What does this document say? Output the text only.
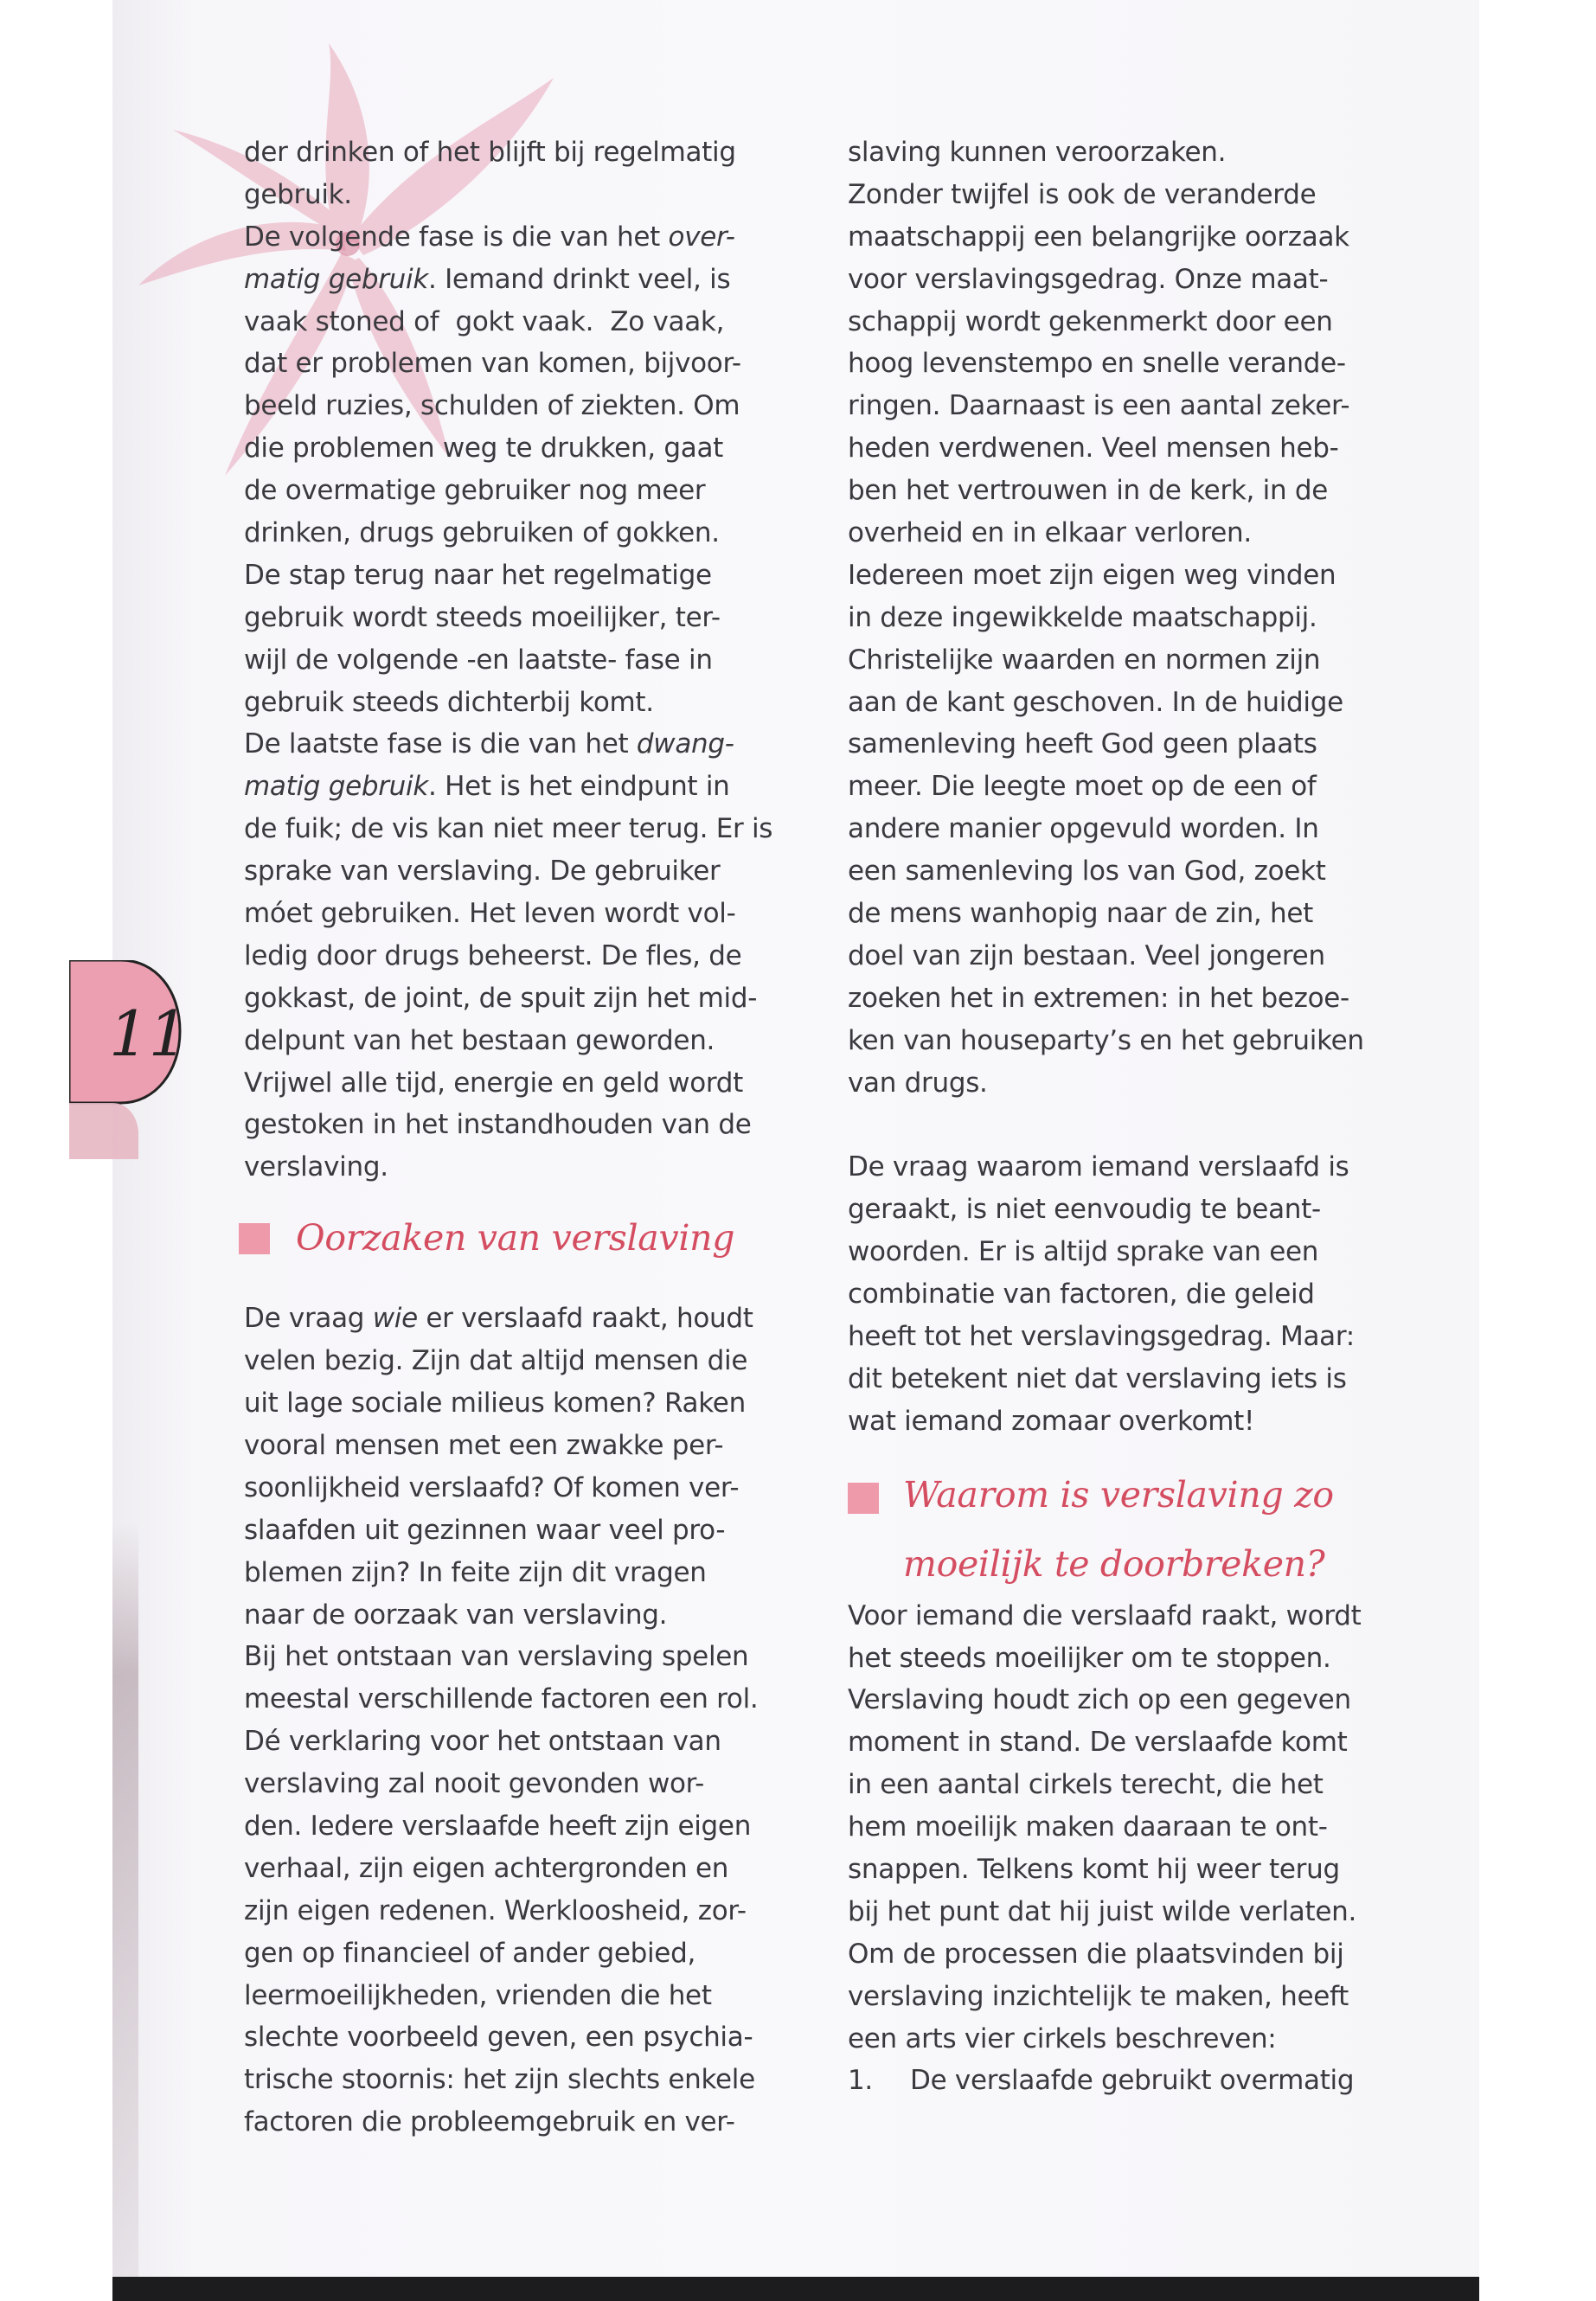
11
der drinken of het blijft bij regelmatig
gebruik.
De volgende fase is die van het over-
matig gebruik. Iemand drinkt veel, is
vaak stoned of  gokt vaak.  Zo vaak,
dat er problemen van komen, bijvoor-
beeld ruzies, schulden of ziekten. Om
die problemen weg te drukken, gaat
de overmatige gebruiker nog meer
drinken, drugs gebruiken of gokken.
De stap terug naar het regelmatige
gebruik wordt steeds moeilijker, ter-
wijl de volgende -en laatste- fase in
gebruik steeds dichterbij komt.
De laatste fase is die van het dwang-
matig gebruik. Het is het eindpunt in
de fuik; de vis kan niet meer terug. Er is
sprake van verslaving. De gebruiker
móet gebruiken. Het leven wordt vol-
ledig door drugs beheerst. De fles, de
gokkast, de joint, de spuit zijn het mid-
delpunt van het bestaan geworden.
Vrijwel alle tijd, energie en geld wordt
gestoken in het instandhouden van de
verslaving.
Oorzaken van verslaving
De vraag wie er verslaafd raakt, houdt
velen bezig. Zijn dat altijd mensen die
uit lage sociale milieus komen? Raken
vooral mensen met een zwakke per-
soonlijkheid verslaafd? Of komen ver-
slaafden uit gezinnen waar veel pro-
blemen zijn? In feite zijn dit vragen
naar de oorzaak van verslaving.
Bij het ontstaan van verslaving spelen
meestal verschillende factoren een rol.
Dé verklaring voor het ontstaan van
verslaving zal nooit gevonden wor-
den. Iedere verslaafde heeft zijn eigen
verhaal, zijn eigen achtergronden en
zijn eigen redenen. Werkloosheid, zor-
gen op financieel of ander gebied,
leermoeilijkheden, vrienden die het
slechte voorbeeld geven, een psychia-
trische stoornis: het zijn slechts enkele
factoren die probleemgebruik en ver-
slaving kunnen veroorzaken.
Zonder twijfel is ook de veranderde
maatschappij een belangrijke oorzaak
voor verslavingsgedrag. Onze maat-
schappij wordt gekenmerkt door een
hoog levenstempo en snelle verande-
ringen. Daarnaast is een aantal zeker-
heden verdwenen. Veel mensen heb-
ben het vertrouwen in de kerk, in de
overheid en in elkaar verloren.
Iedereen moet zijn eigen weg vinden
in deze ingewikkelde maatschappij.
Christelijke waarden en normen zijn
aan de kant geschoven. In de huidige
samenleving heeft God geen plaats
meer. Die leegte moet op de een of
andere manier opgevuld worden. In
een samenleving los van God, zoekt
de mens wanhopig naar de zin, het
doel van zijn bestaan. Veel jongeren
zoeken het in extremen: in het bezoe-
ken van houseparty’s en het gebruiken
van drugs.
De vraag waarom iemand verslaafd is
geraakt, is niet eenvoudig te beant-
woorden. Er is altijd sprake van een
combinatie van factoren, die geleid
heeft tot het verslavingsgedrag. Maar:
dit betekent niet dat verslaving iets is
wat iemand zomaar overkomt!
Waarom is verslaving zo
moeilijk te doorbreken?
Voor iemand die verslaafd raakt, wordt
het steeds moeilijker om te stoppen.
Verslaving houdt zich op een gegeven
moment in stand. De verslaafde komt
in een aantal cirkels terecht, die het
hem moeilijk maken daaraan te ont-
snappen. Telkens komt hij weer terug
bij het punt dat hij juist wilde verlaten.
Om de processen die plaatsvinden bij
verslaving inzichtelijk te maken, heeft
een arts vier cirkels beschreven:
1. De verslaafde gebruikt overmatig
